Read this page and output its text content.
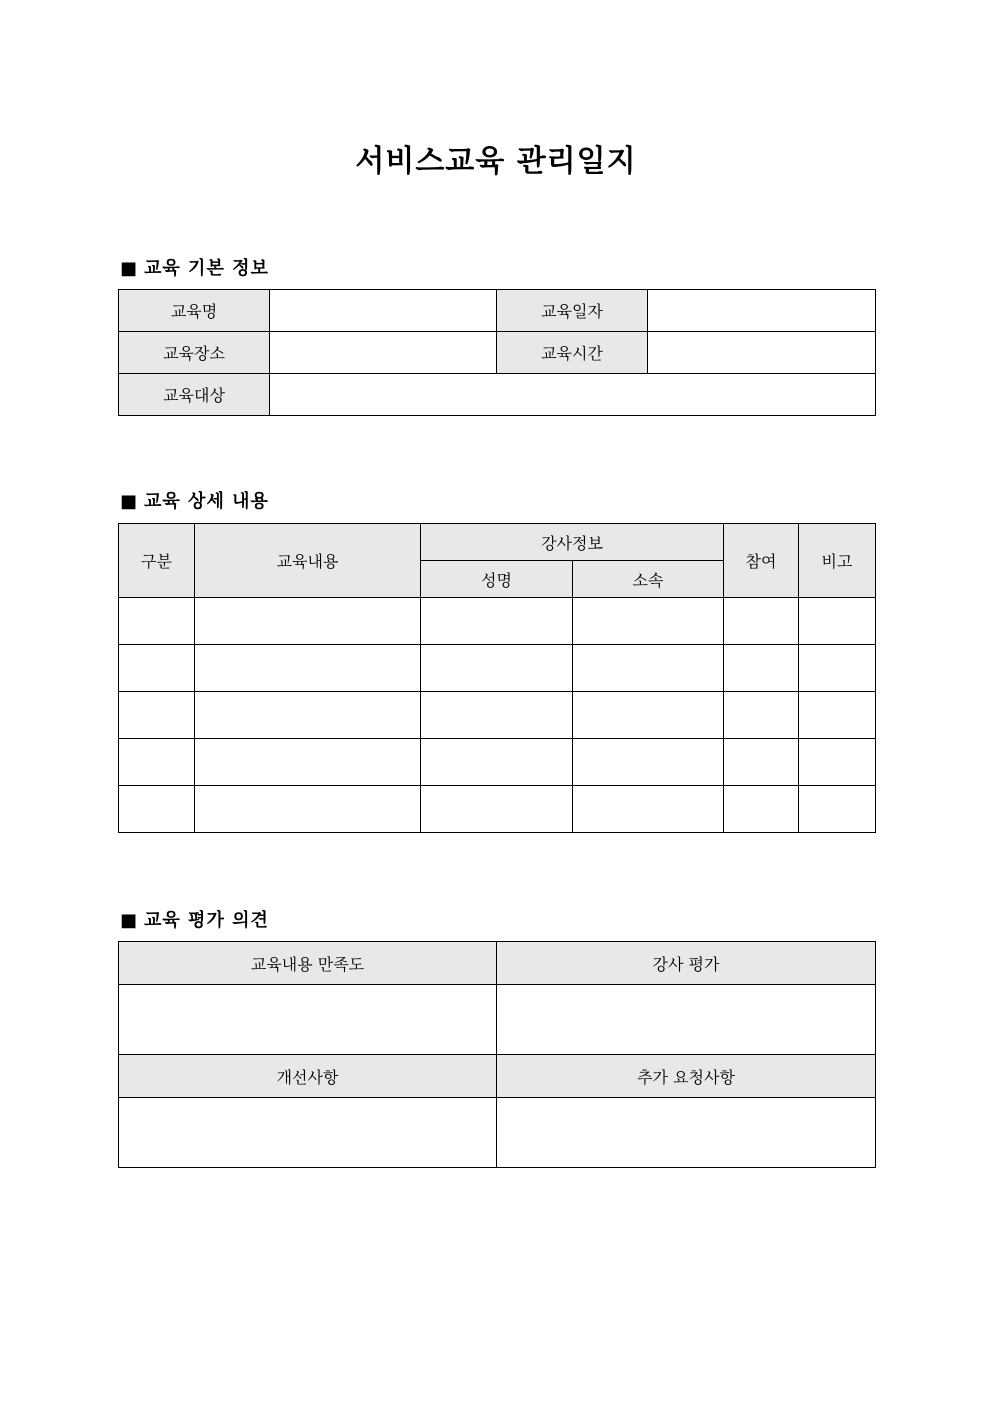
서비스교육 관리일지
■ 교육 기본 정보
교육명		교육일자	
교육장소		교육시간	
교육대상			
■ 교육 상세 내용
구분	교육내용	강사정보		참여	비고
		성명	소속		

■ 교육 평가 의견
교육내용 만족도	강사 평가

개선사항	추가 요청사항
